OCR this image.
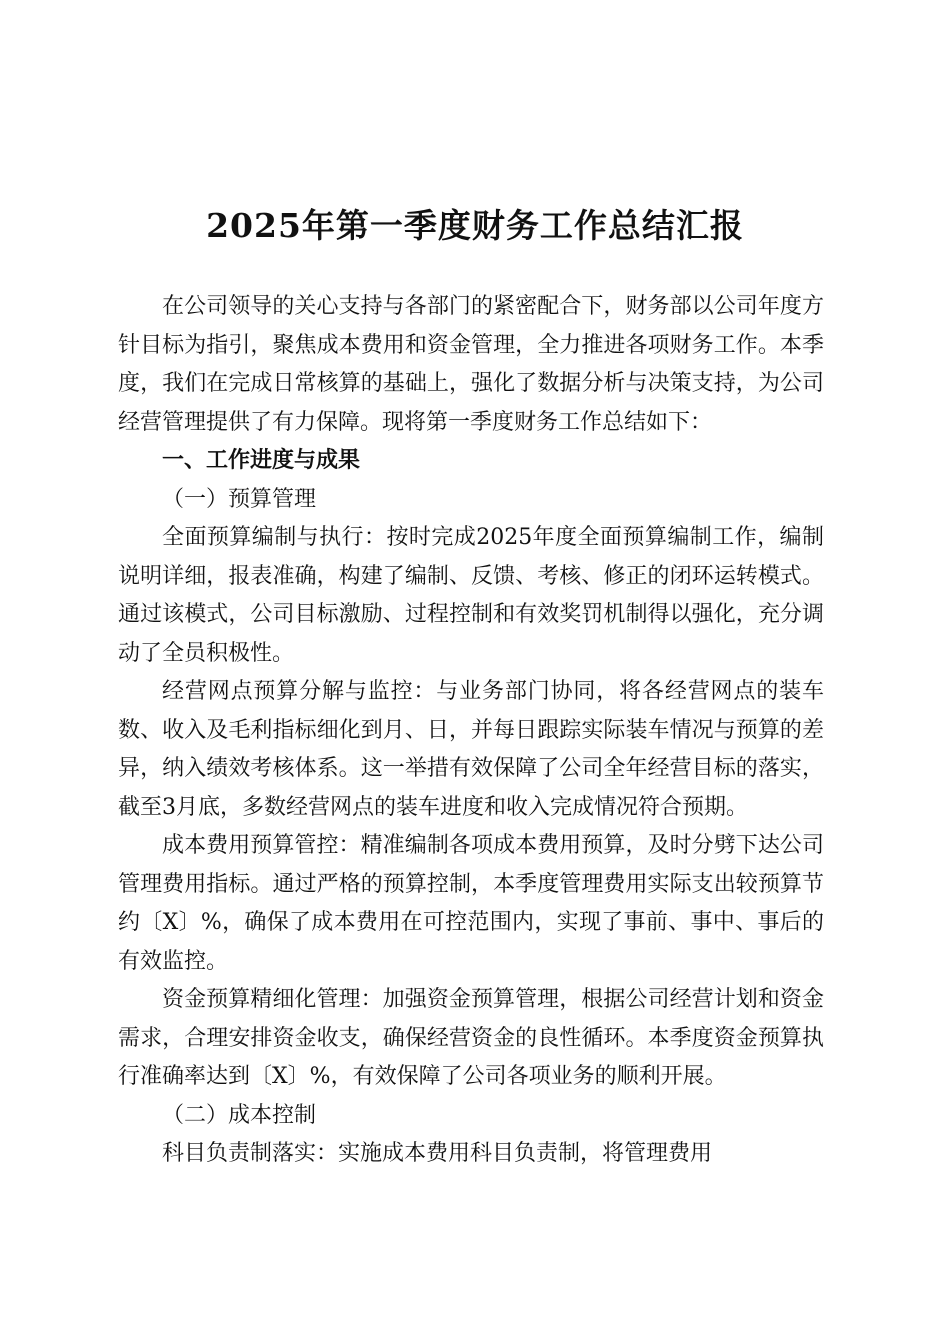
2025年第一季度财务工作总结汇报

在公司领导的关心支持与各部门的紧密配合下，财务部以公司年度方针目标为指引，聚焦成本费用和资金管理，全力推进各项财务工作。本季度，我们在完成日常核算的基础上，强化了数据分析与决策支持，为公司经营管理提供了有力保障。现将第一季度财务工作总结如下：

一、工作进度与成果

（一）预算管理

全面预算编制与执行：按时完成2025年度全面预算编制工作，编制说明详细，报表准确，构建了编制、反馈、考核、修正的闭环运转模式。通过该模式，公司目标激励、过程控制和有效奖罚机制得以强化，充分调动了全员积极性。

经营网点预算分解与监控：与业务部门协同，将各经营网点的装车数、收入及毛利指标细化到月、日，并每日跟踪实际装车情况与预算的差异，纳入绩效考核体系。这一举措有效保障了公司全年经营目标的落实，截至3月底，多数经营网点的装车进度和收入完成情况符合预期。

成本费用预算管控：精准编制各项成本费用预算，及时分劈下达公司管理费用指标。通过严格的预算控制，本季度管理费用实际支出较预算节约〔X〕%，确保了成本费用在可控范围内，实现了事前、事中、事后的有效监控。

资金预算精细化管理：加强资金预算管理，根据公司经营计划和资金需求，合理安排资金收支，确保经营资金的良性循环。本季度资金预算执行准确率达到〔X〕%，有效保障了公司各项业务的顺利开展。

（二）成本控制

科目负责制落实：实施成本费用科目负责制，将管理费用
